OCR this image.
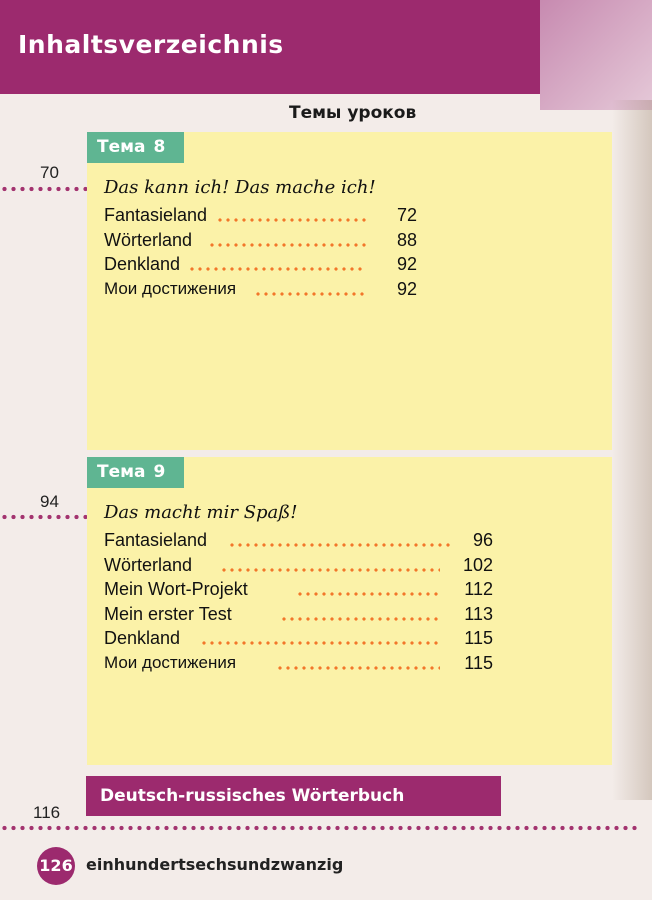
Inhaltsverzeichnis
Темы уроков
70
Тема 8
Das kann ich! Das mache ich!
Fantasieland	72
Wörterland	88
Denkland	92
Мои достижения	92
94
Тема 9
Das macht mir Spaß!
Fantasieland	96
Wörterland	102
Mein Wort-Projekt	112
Mein erster Test	113
Denkland	115
Мои достижения	115
Deutsch-russisches Wörterbuch
116
126 einhundertsechsundzwanzig
